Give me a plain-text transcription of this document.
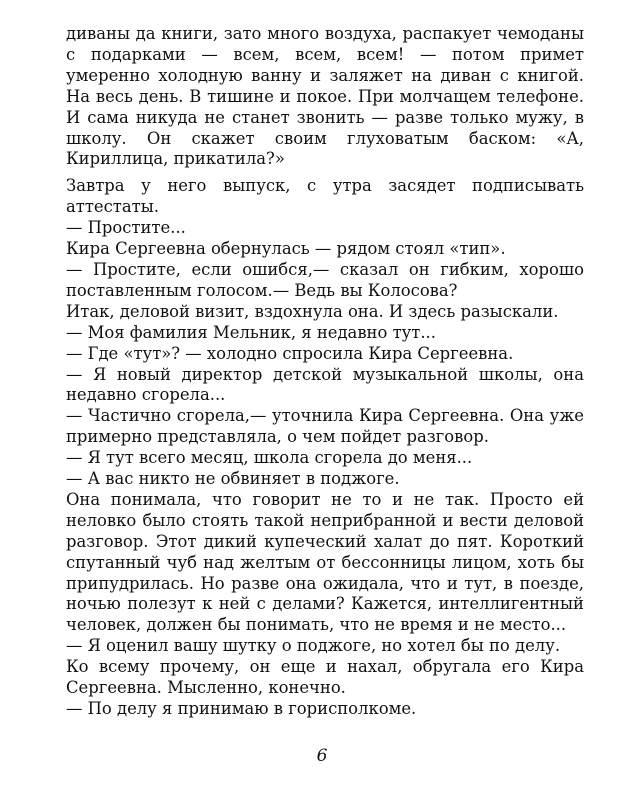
диваны да книги, зато много воздуха, распакует чемоданы с подарками — всем, всем, всем! — потом примет умеренно холодную ванну и заляжет на диван с книгой. На весь день. В тишине и покое. При молчащем телефоне. И сама никуда не станет звонить — разве только мужу, в школу. Он скажет своим глуховатым баском: «А, Кириллица, прикатила?»

Завтра у него выпуск, с утра засядет подписывать аттестаты.

— Простите...

Кира Сергеевна обернулась — рядом стоял «тип».

— Простите, если ошибся,— сказал он гибким, хорошо поставленным голосом.— Ведь вы Колосова?

Итак, деловой визит, вздохнула она. И здесь разыскали.

— Моя фамилия Мельник, я недавно тут...

— Где «тут»? — холодно спросила Кира Сергеевна.

— Я новый директор детской музыкальной школы, она недавно сгорела...

— Частично сгорела,— уточнила Кира Сергеевна. Она уже примерно представляла, о чем пойдет разговор.

— Я тут всего месяц, школа сгорела до меня...

— А вас никто не обвиняет в поджоге.

Она понимала, что говорит не то и не так. Просто ей неловко было стоять такой неприбранной и вести деловой разговор. Этот дикий купеческий халат до пят. Короткий спутанный чуб над желтым от бессонницы лицом, хоть бы припудрилась. Но разве она ожидала, что и тут, в поезде, ночью полезут к ней с делами? Кажется, интеллигентный человек, должен бы понимать, что не время и не место...

— Я оценил вашу шутку о поджоге, но хотел бы по делу.

Ко всему прочему, он еще и нахал, обругала его Кира Сергеевна. Мысленно, конечно.

— По делу я принимаю в горисполкоме.

6
